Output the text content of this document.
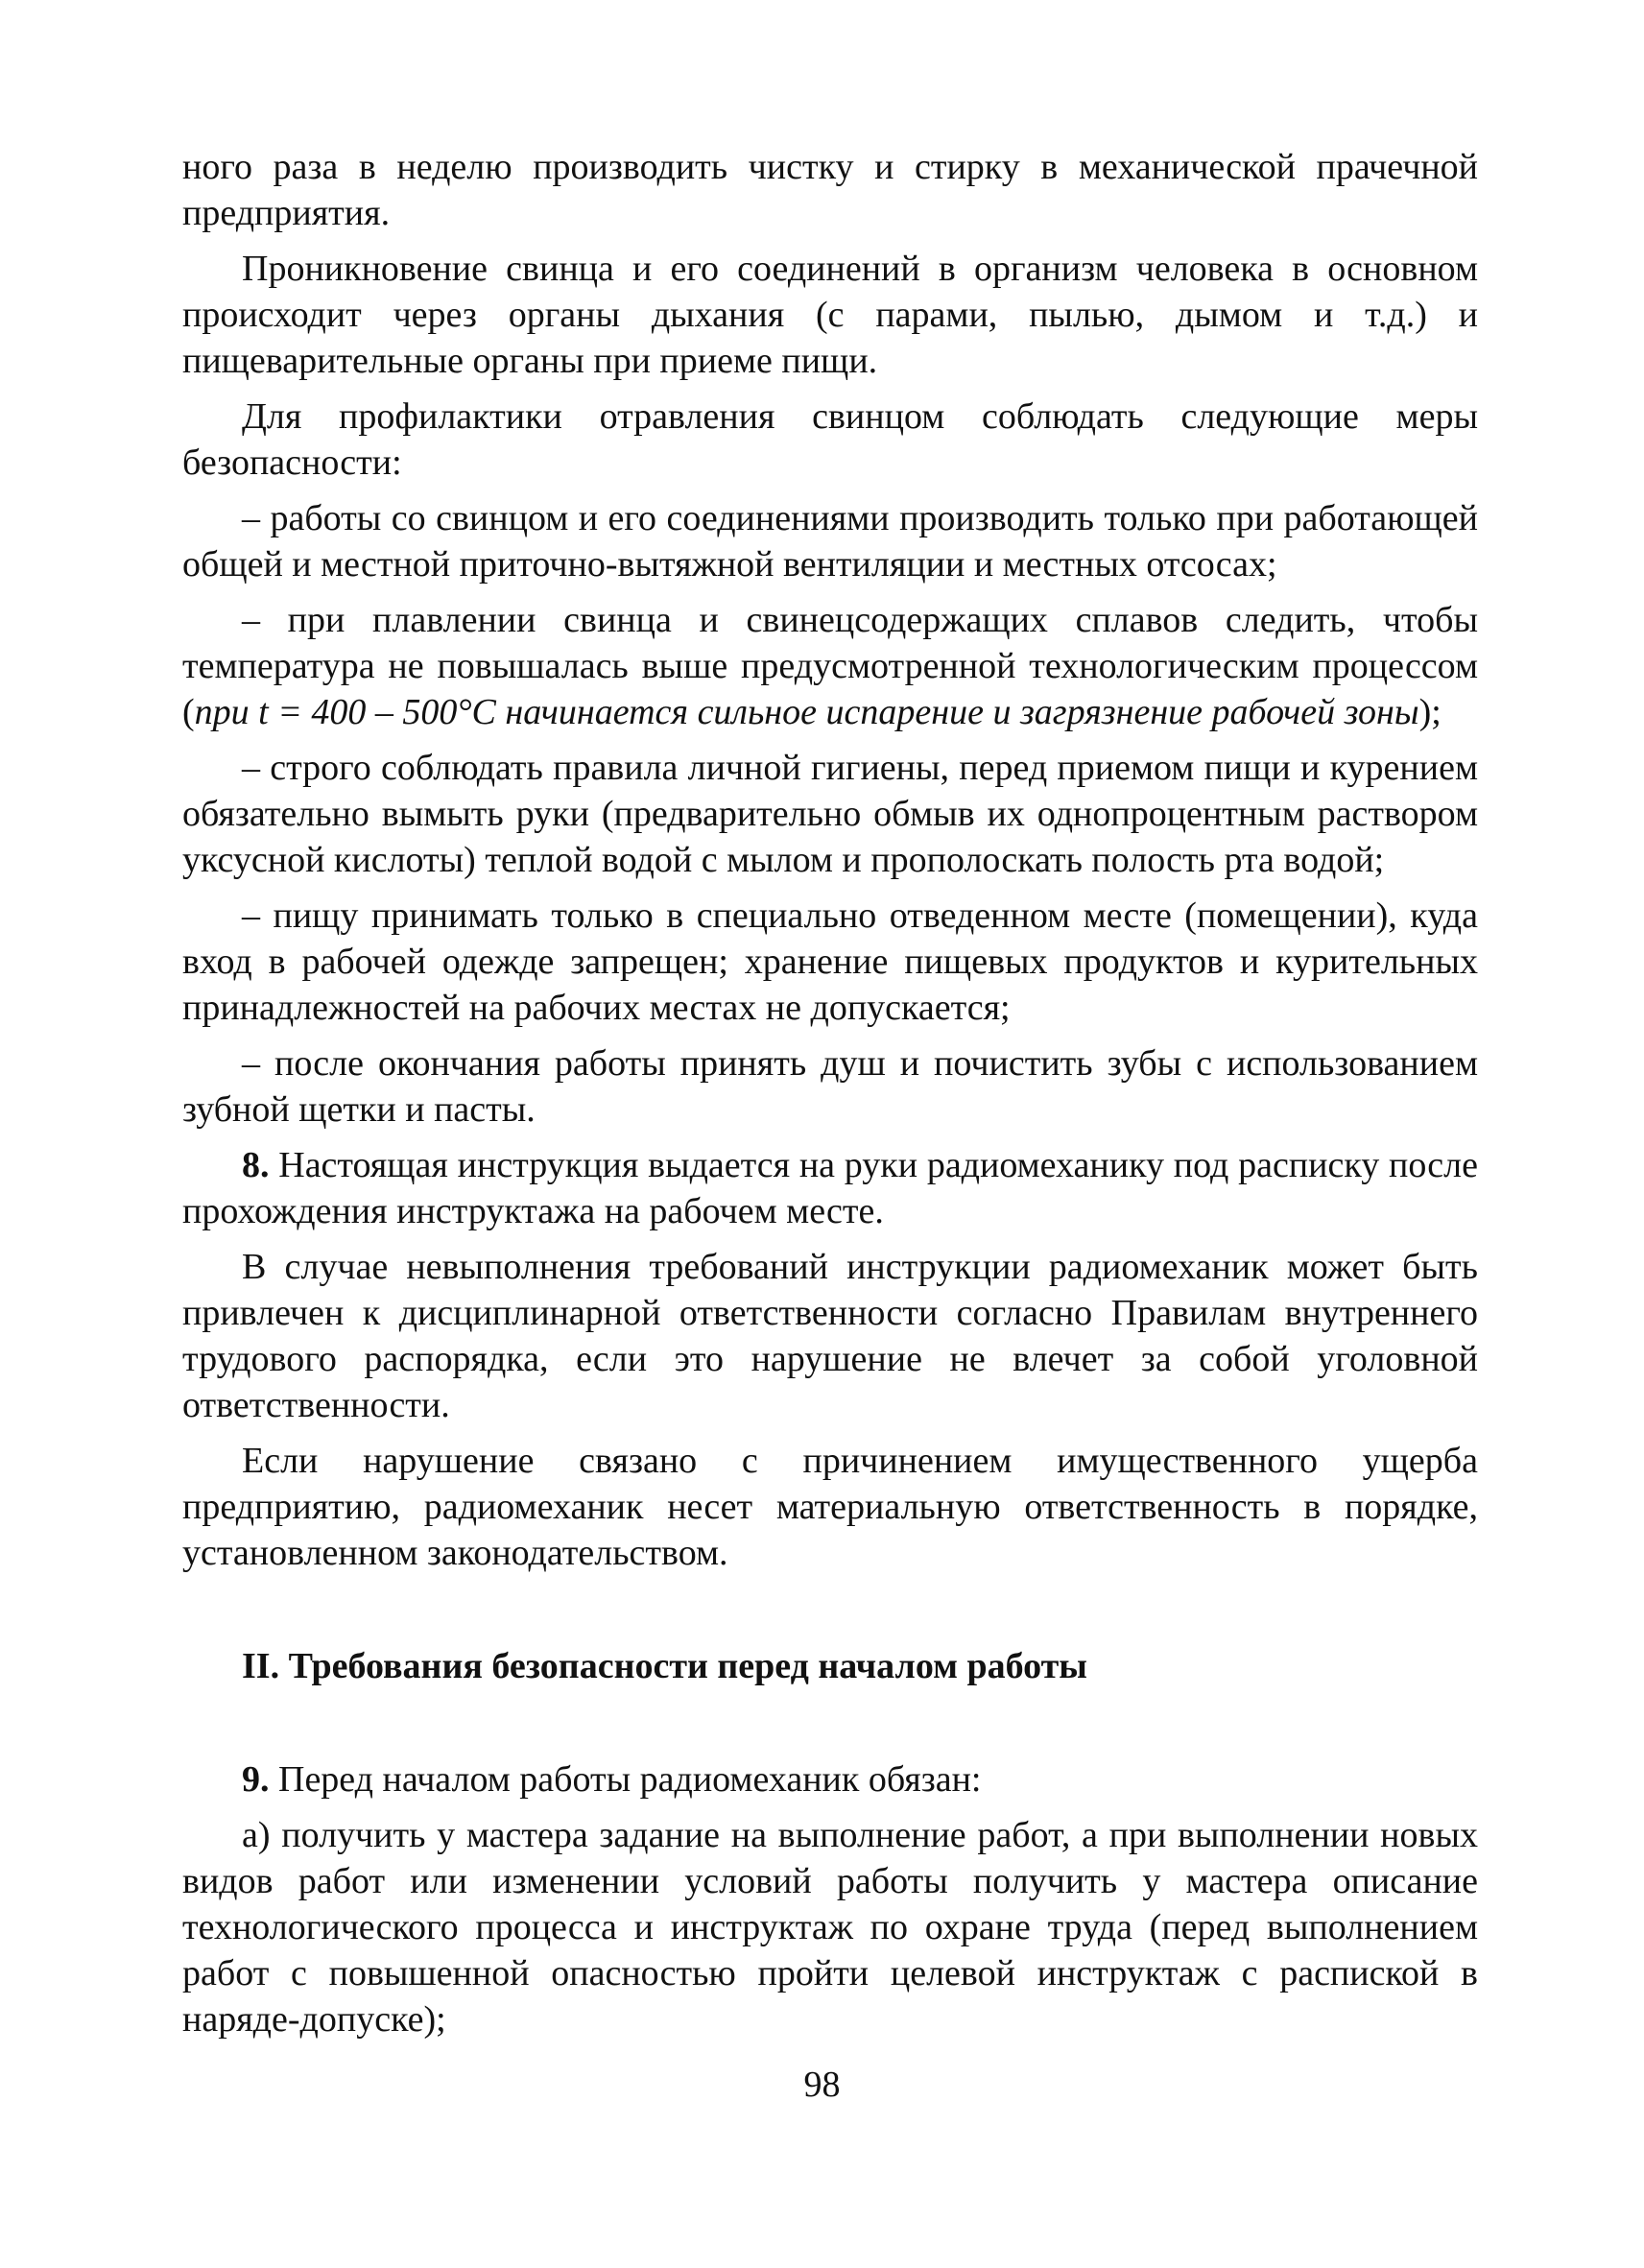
ного раза в неделю производить чистку и стирку в механической прачечной предприятия.

Проникновение свинца и его соединений в организм человека в основном происходит через органы дыхания (с парами, пылью, дымом и т.д.) и пищеварительные органы при приеме пищи.

Для профилактики отравления свинцом соблюдать следующие меры безопасности:

– работы со свинцом и его соединениями производить только при работающей общей и местной приточно-вытяжной вентиляции и местных отсосах;

– при плавлении свинца и свинецсодержащих сплавов следить, чтобы температура не повышалась выше предусмотренной технологическим процессом (при t = 400 – 500°С начинается сильное испарение и загрязнение рабочей зоны);

– строго соблюдать правила личной гигиены, перед приемом пищи и курением обязательно вымыть руки (предварительно обмыв их однопроцентным раствором уксусной кислоты) теплой водой с мылом и прополоскать полость рта водой;

– пищу принимать только в специально отведенном месте (помещении), куда вход в рабочей одежде запрещен; хранение пищевых продуктов и курительных принадлежностей на рабочих местах не допускается;

– после окончания работы принять душ и почистить зубы с использованием зубной щетки и пасты.

8. Настоящая инструкция выдается на руки радиомеханику под расписку после прохождения инструктажа на рабочем месте.

В случае невыполнения требований инструкции радиомеханик может быть привлечен к дисциплинарной ответственности согласно Правилам внутреннего трудового распорядка, если это нарушение не влечет за собой уголовной ответственности.

Если нарушение связано с причинением имущественного ущерба предприятию, радиомеханик несет материальную ответственность в порядке, установленном законодательством.

II. Требования безопасности перед началом работы

9. Перед началом работы радиомеханик обязан:

а) получить у мастера задание на выполнение работ, а при выполнении новых видов работ или изменении условий работы получить у мастера описание технологического процесса и инструктаж по охране труда (перед выполнением работ с повышенной опасностью пройти целевой инструктаж с распиской в наряде-допуске);

98
